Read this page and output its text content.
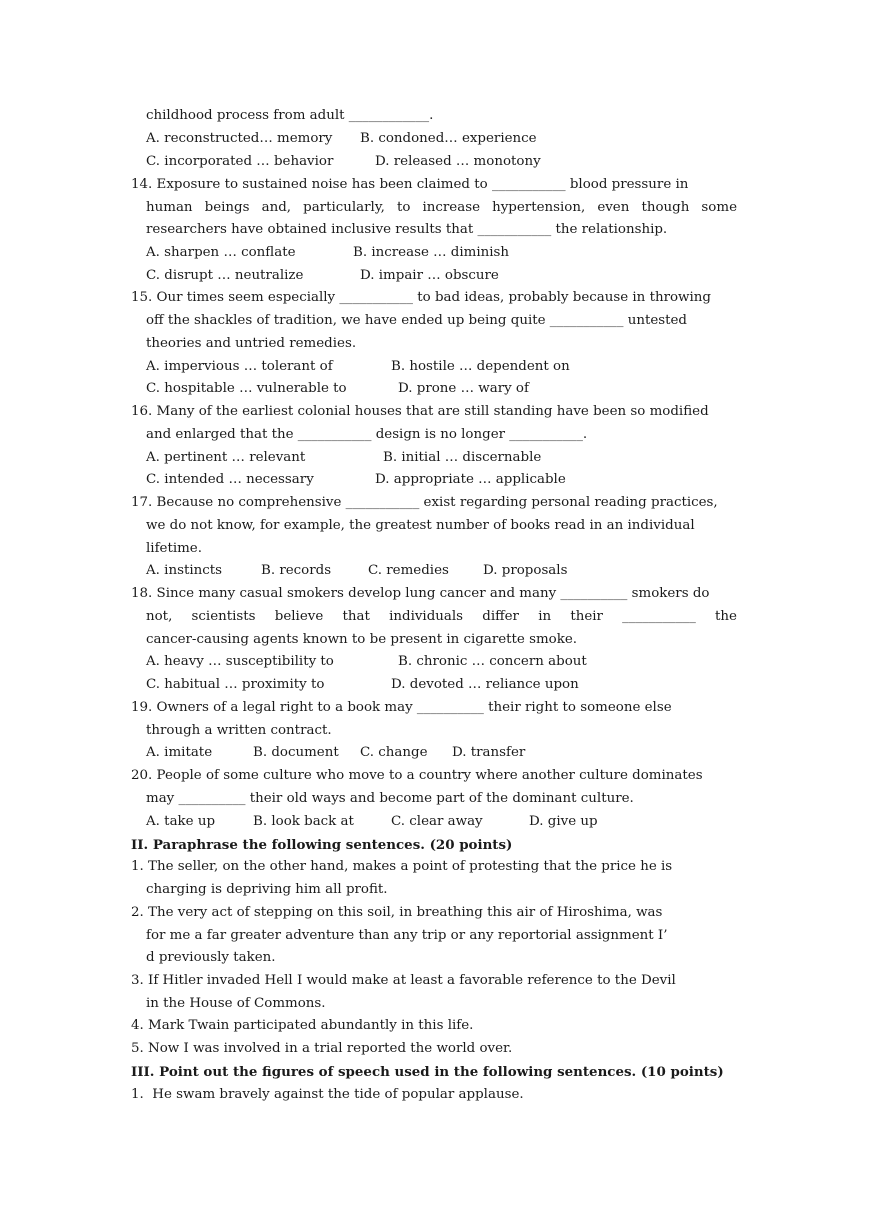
childhood process from adult ____________.
A. reconstructed… memory B. condoned… experience
C. incorporated … behavior	D. released … monotony
14. Exposure to sustained noise has been claimed to ___________ blood pressure in
human beings and, particularly, to increase hypertension, even though some
researchers have obtained inclusive results that ___________ the relationship.
A. sharpen … conflate	B. increase … diminish
C. disrupt … neutralize	D. impair … obscure
15. Our times seem especially ___________ to bad ideas, probably because in throwing
off the shackles of tradition, we have ended up being quite ___________ untested
theories and untried remedies.
A. impervious … tolerant of	B. hostile … dependent on
C. hospitable … vulnerable to	D. prone … wary of
16. Many of the earliest colonial houses that are still standing have been so modified
and enlarged that the ___________ design is no longer ___________.
A. pertinent … relevant	B. initial … discernable
C. intended … necessary	D. appropriate … applicable
17. Because no comprehensive ___________ exist regarding personal reading practices,
we do not know, for example, the greatest number of books read in an individual
lifetime.
A. instincts	B. records	C. remedies	D. proposals
18. Since many casual smokers develop lung cancer and many __________ smokers do
not, scientists believe that individuals differ in their ___________ the
cancer-causing agents known to be present in cigarette smoke.
A. heavy … susceptibility to	B. chronic … concern about
C. habitual … proximity to	D. devoted … reliance upon
19. Owners of a legal right to a book may __________ their right to someone else
through a written contract.
A. imitate	B. document C. change D. transfer
20. People of some culture who move to a country where another culture dominates
may __________ their old ways and become part of the dominant culture.
A. take up	B. look back at	C. clear away	D. give up
II. Paraphrase the following sentences. (20 points)
1. The seller, on the other hand, makes a point of protesting that the price he is
charging is depriving him all profit.
2. The very act of stepping on this soil, in breathing this air of Hiroshima, was
for me a far greater adventure than any trip or any reportorial assignment I’
d previously taken.
3. If Hitler invaded Hell I would make at least a favorable reference to the Devil
in the House of Commons.
4. Mark Twain participated abundantly in this life.
5. Now I was involved in a trial reported the world over.
III. Point out the figures of speech used in the following sentences. (10 points)
1.  He swam bravely against the tide of popular applause.
